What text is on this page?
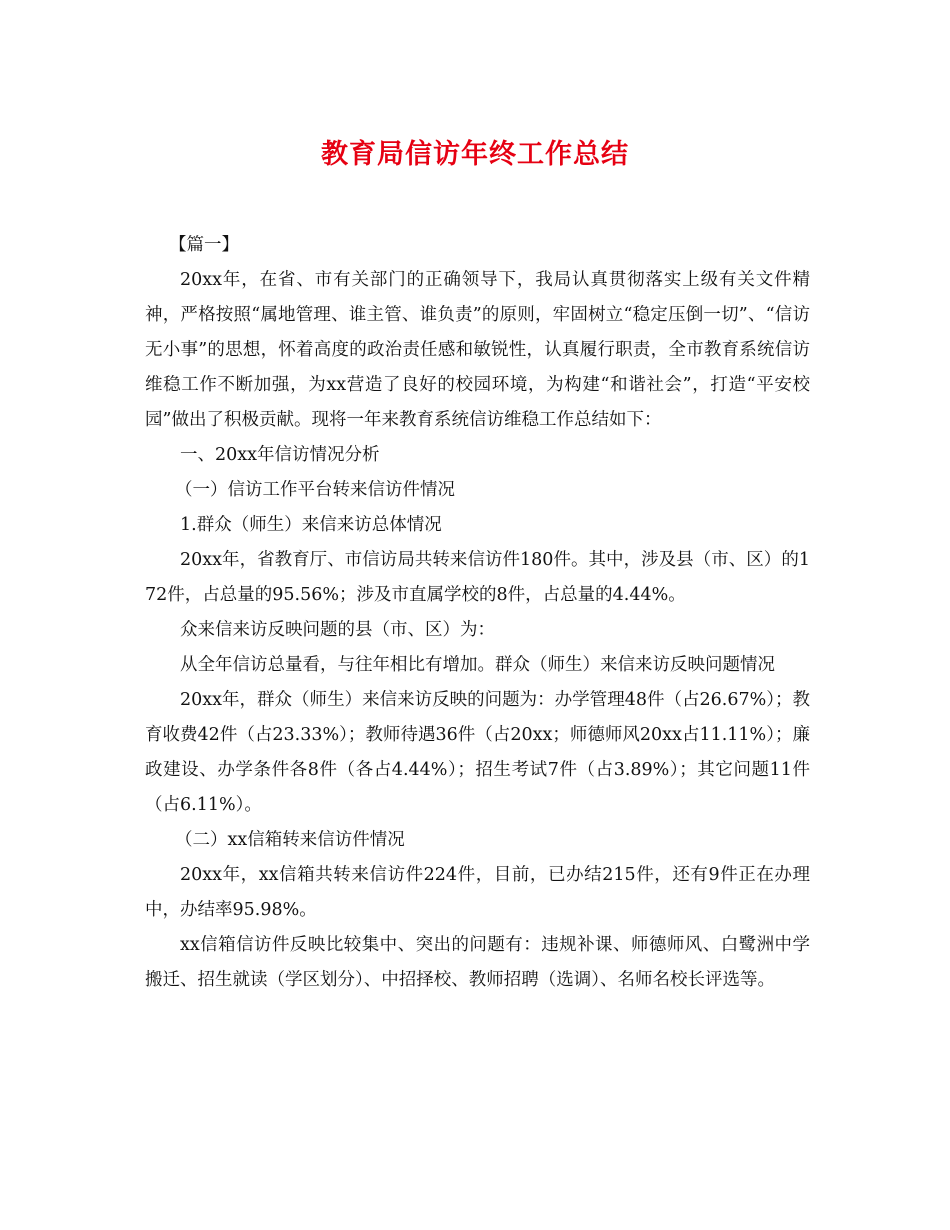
教育局信访年终工作总结

【篇一】

20xx年，在省、市有关部门的正确领导下，我局认真贯彻落实上级有关文件精神，严格按照“属地管理、谁主管、谁负责”的原则，牢固树立“稳定压倒一切”、“信访无小事”的思想，怀着高度的政治责任感和敏锐性，认真履行职责，全市教育系统信访维稳工作不断加强，为xx营造了良好的校园环境，为构建“和谐社会”，打造“平安校园”做出了积极贡献。现将一年来教育系统信访维稳工作总结如下：

一、20xx年信访情况分析

（一）信访工作平台转来信访件情况

1.群众（师生）来信来访总体情况

20xx年，省教育厅、市信访局共转来信访件180件。其中，涉及县（市、区）的172件，占总量的95.56%；涉及市直属学校的8件，占总量的4.44%。

众来信来访反映问题的县（市、区）为：

从全年信访总量看，与往年相比有增加。群众（师生）来信来访反映问题情况

20xx年，群众（师生）来信来访反映的问题为：办学管理48件（占26.67%）；教育收费42件（占23.33%）；教师待遇36件（占20xx；师德师风20xx占11.11%）；廉政建设、办学条件各8件（各占4.44%）；招生考试7件（占3.89%）；其它问题11件（占6.11%）。

（二）xx信箱转来信访件情况

20xx年，xx信箱共转来信访件224件，目前，已办结215件，还有9件正在办理中，办结率95.98%。

xx信箱信访件反映比较集中、突出的问题有：违规补课、师德师风、白鹭洲中学搬迁、招生就读（学区划分）、中招择校、教师招聘（选调）、名师名校长评选等。
